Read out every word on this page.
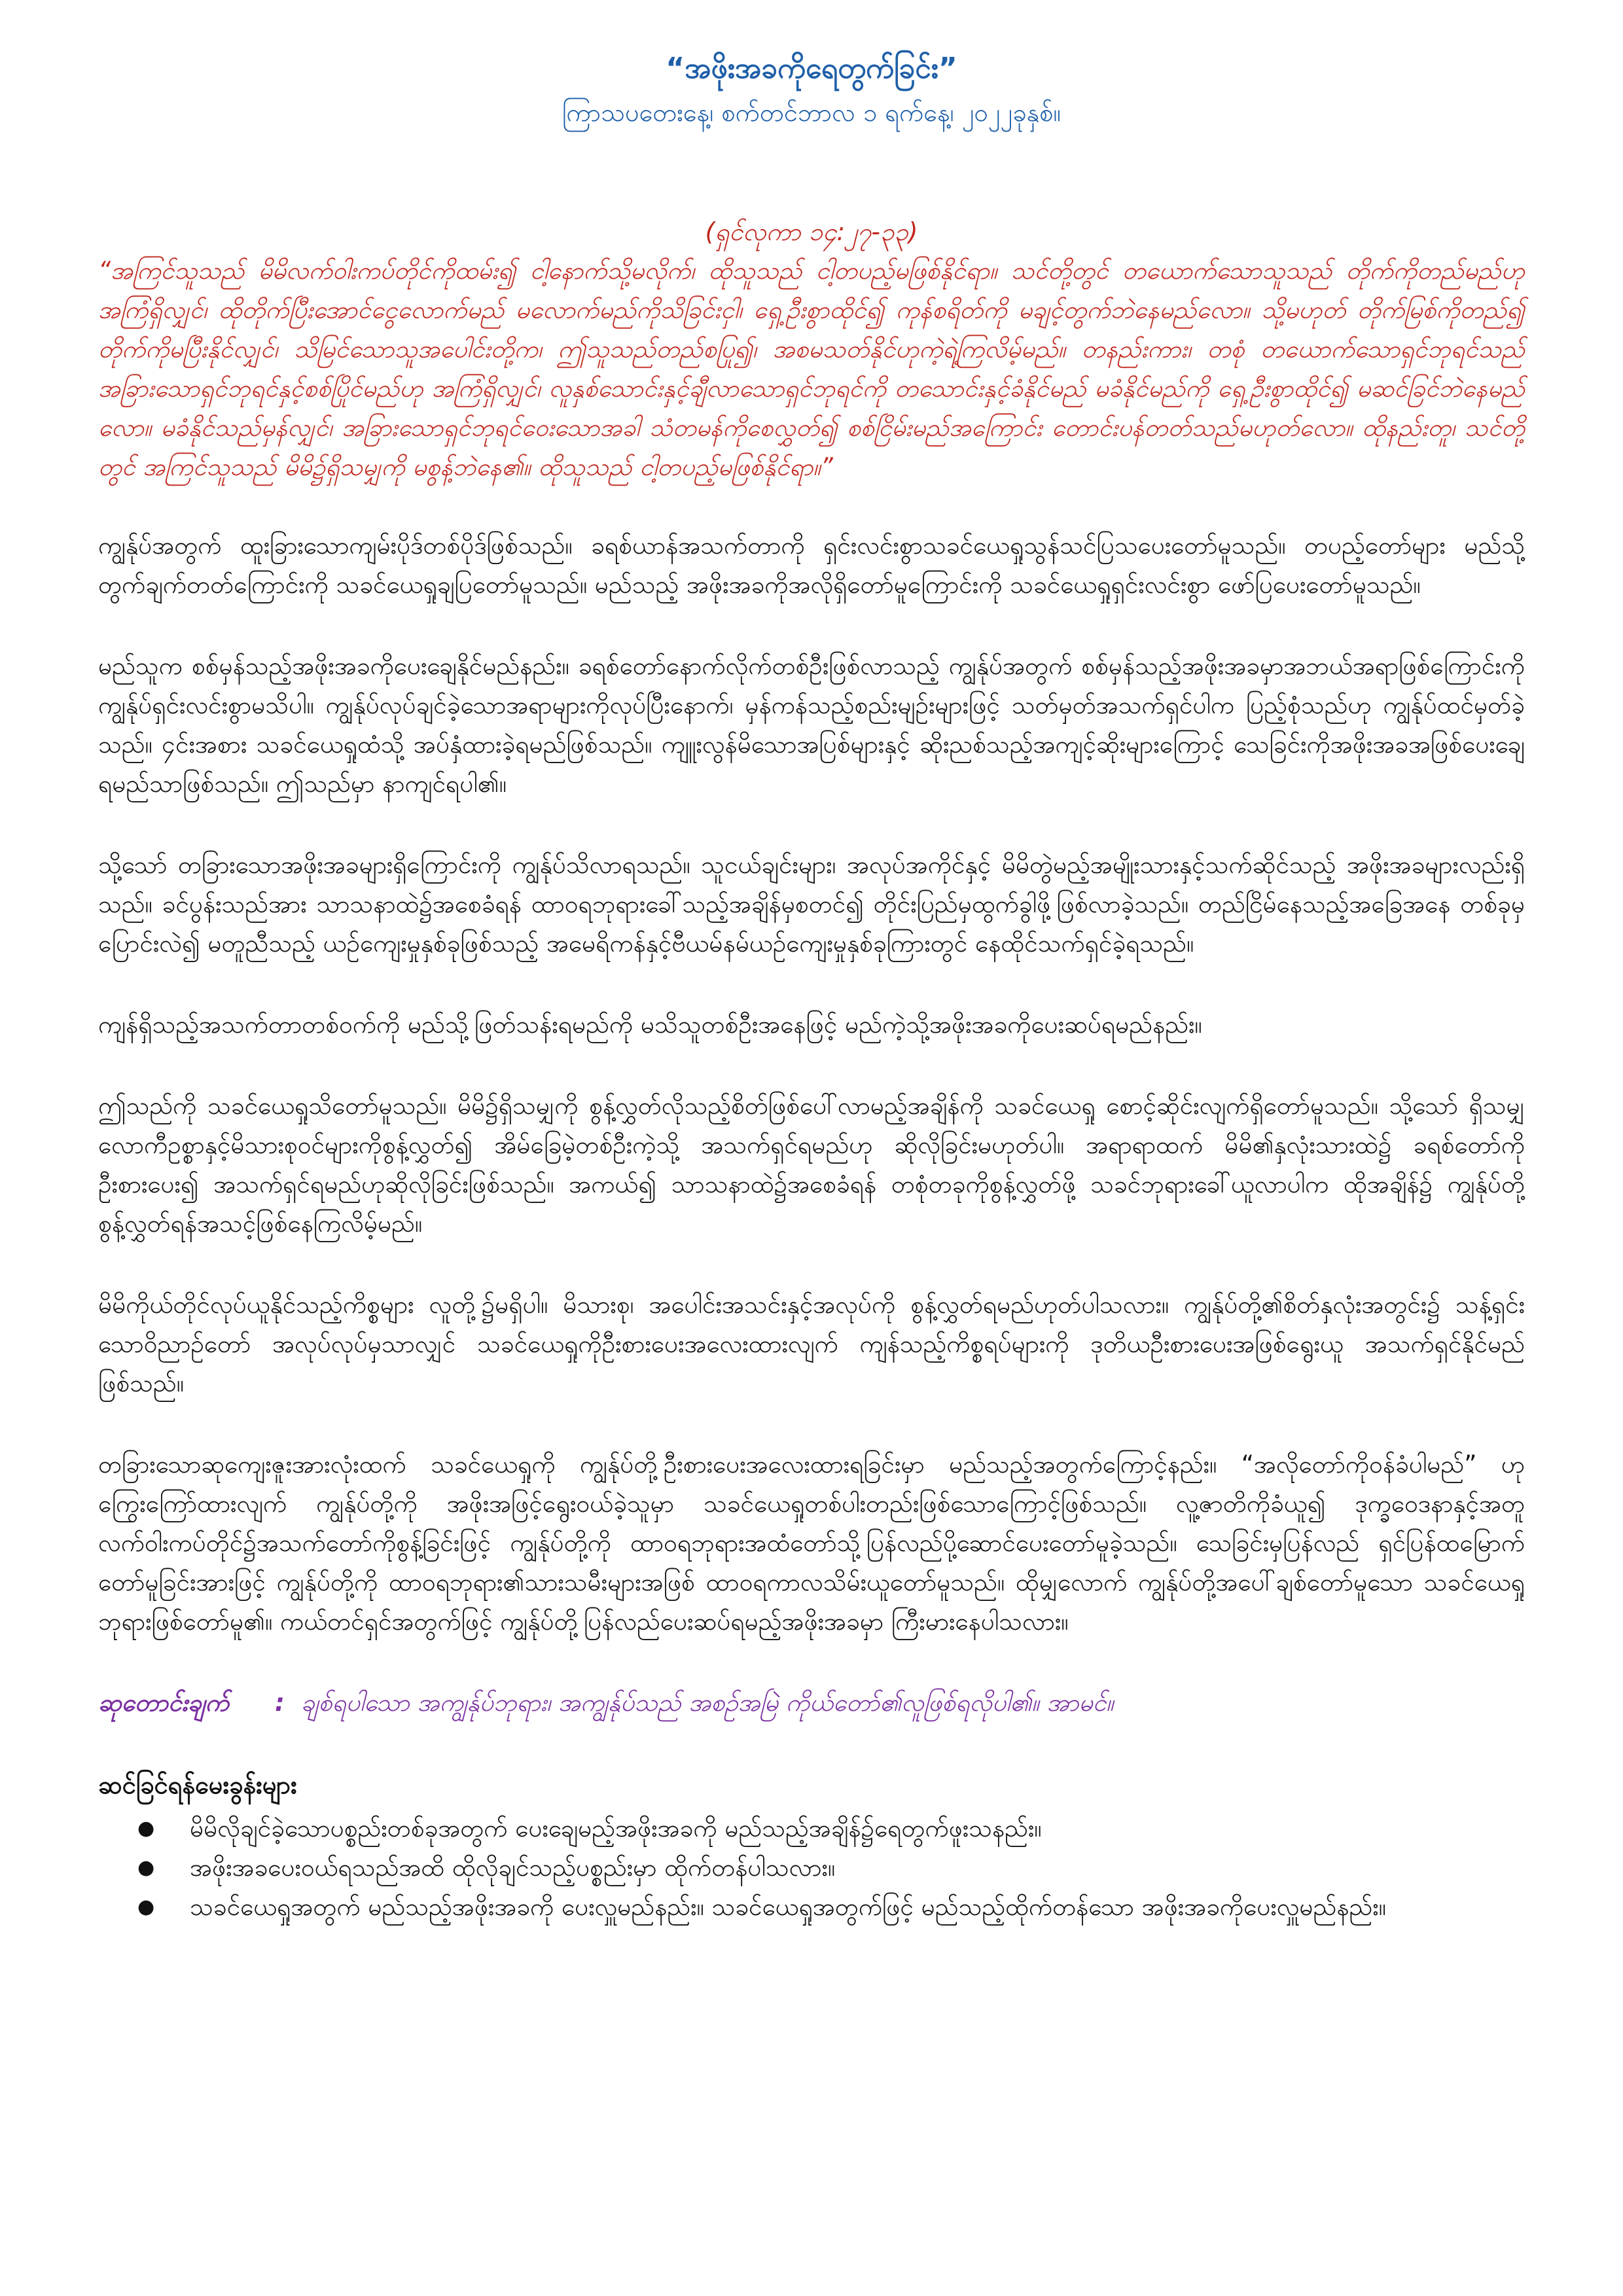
“အဖိုးအခကိုရေတွက်ခြင်း”

ကြာသပတေးနေ့၊ စက်တင်ဘာလ ၁ ရက်နေ့၊ ၂၀၂၂ခုနှစ်။

(ရှင်လုကာ ၁၄:၂၇-၃၃)

“အကြင်သူသည် မိမိလက်ဝါးကပ်တိုင်ကိုထမ်း၍ ငါ့နောက်သို့မလိုက်၊ ထိုသူသည် ငါ့တပည့်မဖြစ်နိုင်ရာ။ သင်တို့တွင် တယောက်သောသူသည် တိုက်ကိုတည်မည်ဟု အကြံရှိလျှင်၊ ထိုတိုက်ပြီးအောင်ငွေလောက်မည် မလောက်မည်ကိုသိခြင်းငှါ၊ ရှေ့ဦးစွာထိုင်၍ ကုန်စရိတ်ကို မချင့်တွက်ဘဲနေမည်လော။ သို့မဟုတ် တိုက်မြစ်ကိုတည်၍ တိုက်ကိုမပြီးနိုင်လျှင်၊ သိမြင်သောသူအပေါင်းတို့က၊ ဤသူသည်တည်စပြု၍၊ အစမသတ်နိုင်ဟုကဲ့ရဲ့ကြလိမ့်မည်။ တနည်းကား၊ တစုံ တယောက်သောရှင်ဘုရင်သည် အခြားသောရှင်ဘုရင်နှင့်စစ်ပြိုင်မည်ဟု အကြံရှိလျှင်၊ လူနှစ်သောင်းနှင့်ချီလာသောရှင်ဘုရင်ကို တသောင်းနှင့်ခံနိုင်မည် မခံနိုင်မည်ကို ရှေ့ဦးစွာထိုင်၍ မဆင်ခြင်ဘဲနေမည်လော။ မခံနိုင်သည်မှန်လျှင်၊ အခြားသောရှင်ဘုရင်ဝေးသောအခါ သံတမန်ကိုစေလွှတ်၍ စစ်ငြိမ်းမည်အကြောင်း တောင်းပန်တတ်သည်မဟုတ်လော။ ထိုနည်းတူ၊ သင်တို့တွင် အကြင်သူသည် မိမိ၌ရှိသမျှကို မစွန့်ဘဲနေ၏။ ထိုသူသည် ငါ့တပည့်မဖြစ်နိုင်ရာ။”

ကျွန်ုပ်အတွက် ထူးခြားသောကျမ်းပိုဒ်တစ်ပိုဒ်ဖြစ်သည်။ ခရစ်ယာန်အသက်တာကို ရှင်းလင်းစွာသခင်ယေရှုသွန်သင်ပြသပေးတော်မူသည်။ တပည့်တော်များ မည်သို့တွက်ချက်တတ်ကြောင်းကို သခင်ယေရှုချပြတော်မူသည်။ မည်သည့် အဖိုးအခကိုအလိုရှိတော်မူကြောင်းကို သခင်ယေရှုရှင်းလင်းစွာ ဖော်ပြပေးတော်မူသည်။

မည်သူက စစ်မှန်သည့်အဖိုးအခကိုပေးချေနိုင်မည်နည်း။ ခရစ်တော်နောက်လိုက်တစ်ဦးဖြစ်လာသည့် ကျွန်ုပ်အတွက် စစ်မှန်သည့်အဖိုးအခမှာအဘယ်အရာဖြစ်ကြောင်းကို ကျွန်ုပ်ရှင်းလင်းစွာမသိပါ။ ကျွန်ုပ်လုပ်ချင်ခဲ့သောအရာများကိုလုပ်ပြီးနောက်၊ မှန်ကန်သည့်စည်းမျဉ်းများဖြင့် သတ်မှတ်အသက်ရှင်ပါက ပြည့်စုံသည်ဟု ကျွန်ုပ်ထင်မှတ်ခဲ့သည်။ ၄င်းအစား သခင်ယေရှုထံသို့ အပ်နှံထားခဲ့ရမည်ဖြစ်သည်။ ကျူးလွန်မိသောအပြစ်များနှင့် ဆိုးညစ်သည့်အကျင့်ဆိုးများကြောင့် သေခြင်းကိုအဖိုးအခအဖြစ်ပေးချေရမည်သာဖြစ်သည်။ ဤသည်မှာ နာကျင်ရပါ၏။

သို့သော် တခြားသောအဖိုးအခများရှိကြောင်းကို ကျွန်ုပ်သိလာရသည်။ သူငယ်ချင်းများ၊ အလုပ်အကိုင်နှင့် မိမိတွဲမည့်အမျိုးသားနှင့်သက်ဆိုင်သည့် အဖိုးအခများလည်းရှိသည်။ ခင်ပွန်းသည်အား သာသနာထဲ၌အစေခံရန် ထာဝရဘုရားခေါ်သည့်အချိန်မှစတင်၍ တိုင်းပြည်မှထွက်ခွါဖို့ဖြစ်လာခဲ့သည်။ တည်ငြိမ်နေသည့်အခြေအနေ တစ်ခုမှပြောင်းလဲ၍ မတူညီသည့် ယဉ်ကျေးမှုနှစ်ခုဖြစ်သည့် အမေရိကန်နှင့်ဗီယမ်နမ်ယဉ်ကျေးမှုနှစ်ခုကြားတွင် နေထိုင်သက်ရှင်ခဲ့ရသည်။

ကျန်ရှိသည့်အသက်တာတစ်ဝက်ကို မည်သို့ဖြတ်သန်းရမည်ကို မသိသူတစ်ဦးအနေဖြင့် မည်ကဲ့သို့အဖိုးအခကိုပေးဆပ်ရမည်နည်း။

ဤသည်ကို သခင်ယေရှုသိတော်မူသည်။ မိမိ၌ရှိသမျှကို စွန့်လွှတ်လိုသည့်စိတ်ဖြစ်ပေါ်လာမည့်အချိန်ကို သခင်ယေရှု စောင့်ဆိုင်းလျက်ရှိတော်မူသည်။ သို့သော် ရှိသမျှလောကီဥစ္စာနှင့်မိသားစုဝင်များကိုစွန့်လွှတ်၍ အိမ်ခြေမဲ့တစ်ဦးကဲ့သို့ အသက်ရှင်ရမည်ဟု ဆိုလိုခြင်းမဟုတ်ပါ။ အရာရာထက် မိမိ၏နှလုံးသားထဲ၌ ခရစ်တော်ကို ဦးစားပေး၍ အသက်ရှင်ရမည်ဟုဆိုလိုခြင်းဖြစ်သည်။ အကယ်၍ သာသနာထဲ၌အစေခံရန် တစုံတခုကိုစွန့်လွှတ်ဖို့ သခင်ဘုရားခေါ်ယူလာပါက ထိုအချိန်၌ ကျွန်ုပ်တို့စွန့်လွှတ်ရန်အသင့်ဖြစ်နေကြလိမ့်မည်။

မိမိကိုယ်တိုင်လုပ်ယူနိုင်သည့်ကိစ္စများ လူတို့၌မရှိပါ။ မိသားစု၊ အပေါင်းအသင်းနှင့်အလုပ်ကို စွန့်လွှတ်ရမည်ဟုတ်ပါသလား။ ကျွန်ုပ်တို့၏စိတ်နှလုံးအတွင်း၌ သန့်ရှင်းသောဝိညာဉ်တော် အလုပ်လုပ်မှသာလျှင် သခင်ယေရှုကိုဦးစားပေးအလေးထားလျက် ကျန်သည့်ကိစ္စရပ်များကို ဒုတိယဦးစားပေးအဖြစ်ရွေးယူ အသက်ရှင်နိုင်မည်ဖြစ်သည်။

တခြားသောဆုကျေးဇူးအားလုံးထက် သခင်ယေရှုကို ကျွန်ုပ်တို့ဦးစားပေးအလေးထားရခြင်းမှာ မည်သည့်အတွက်ကြောင့်နည်း။ “အလိုတော်ကိုဝန်ခံပါမည်” ဟု ကြွေးကြော်ထားလျက် ကျွန်ုပ်တို့ကို အဖိုးအဖြင့်ရွေးဝယ်ခဲ့သူမှာ သခင်ယေရှုတစ်ပါးတည်းဖြစ်သောကြောင့်ဖြစ်သည်။ လူ့ဇာတိကိုခံယူ၍ ဒုက္ခဝေဒနာနှင့်အတူ လက်ဝါးကပ်တိုင်၌အသက်တော်ကိုစွန့်ခြင်းဖြင့် ကျွန်ုပ်တို့ကို ထာဝရဘုရားအထံတော်သို့ပြန်လည်ပို့ဆောင်ပေးတော်မူခဲ့သည်။ သေခြင်းမှပြန်လည် ရှင်ပြန်ထမြောက်တော်မူခြင်းအားဖြင့် ကျွန်ုပ်တို့ကို ထာဝရဘုရား၏သားသမီးများအဖြစ် ထာဝရကာလသိမ်းယူတော်မူသည်။ ထိုမျှလောက် ကျွန်ုပ်တို့အပေါ်ချစ်တော်မူသော သခင်ယေရှုဘုရားဖြစ်တော်မူ၏။ ကယ်တင်ရှင်အတွက်ဖြင့် ကျွန်ုပ်တို့ပြန်လည်ပေးဆပ်ရမည့်အဖိုးအခမှာ ကြီးမားနေပါသလား။

ဆုတောင်းချက်	: ချစ်ရပါသော အကျွန်ုပ်ဘုရား၊ အကျွန်ုပ်သည် အစဉ်အမြဲ ကိုယ်တော်၏လူဖြစ်ရလိုပါ၏။ အာမင်။
ဆင်ခြင်ရန်မေးခွန်းများ
●	မိမိလိုချင်ခဲ့သောပစ္စည်းတစ်ခုအတွက် ပေးချေမည့်အဖိုးအခကို မည်သည့်အချိန်၌ရေတွက်ဖူးသနည်း။
●	အဖိုးအခပေးဝယ်ရသည်အထိ ထိုလိုချင်သည့်ပစ္စည်းမှာ ထိုက်တန်ပါသလား။
●	သခင်ယေရှုအတွက် မည်သည့်အဖိုးအခကို ပေးလှူမည်နည်း။ သခင်ယေရှုအတွက်ဖြင့် မည်သည့်ထိုက်တန်သော အဖိုးအခကိုပေးလှူမည်နည်း။
